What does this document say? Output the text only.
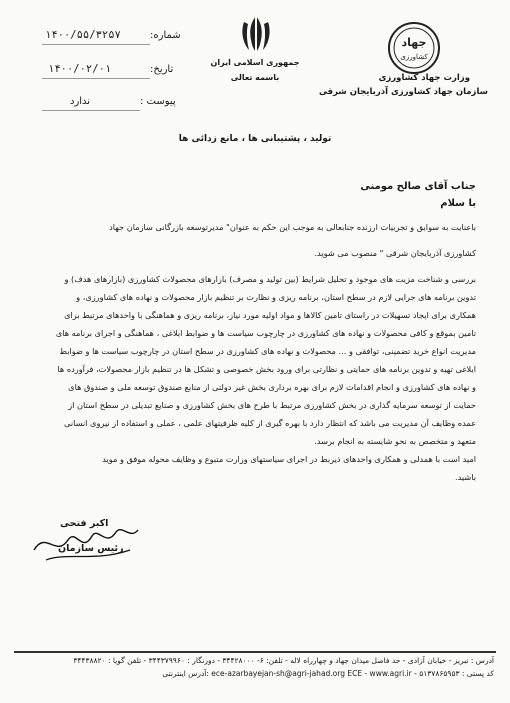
جهاد
کشاورزی
وزارت جهاد کشاورزی
سازمان جهاد کشاورزی آذربایجان شرقی
جمهوری اسلامی ایران
باسمه تعالی
شماره:
۱۴۰۰/۵۵/۳۲۵۷
تاریخ:
۱۴۰۰/۰۲/۰۱
پیوست :
ندارد
تولید ، پشتیبانی ها ، مانع زدائی ها
جناب آقای صالح مومنی
با سلام
باعنایت به سوابق و تجربیات ارزنده جنابعالی به موجب این حکم به عنوان" مدیرتوسعه بازرگانی سازمان جهاد
کشاورزی آذربایجان شرقی " منصوب می شوید.
بررسی و شناخت مزیت های موجود و تحلیل شرایط (بین تولید و مصرف) بازارهای محصولات کشاورزی (بازارهای هدف) و
تدوین برنامه های جرایی لازم در سطح استان، برنامه ریزی و نظارت بر تنظیم بازار محصولات و نهاده های کشاورزی، و
همکاری برای ایجاد تسهیلات در راستای تامین کالاها و مواد اولیه مورد نیاز، برنامه ریزی و هماهنگی با واحدهای مرتبط برای
تامین بموقع و کافی محصولات و نهاده های کشاورزی در چارچوب سیاست ها و ضوابط ابلاغی ، هماهنگی و اجرای برنامه های
مدیریت انواع خرید تضمینی، توافقی و ... محصولات و نهاده های کشاورزی در سطح استان در چارچوب سیاست ها و ضوابط
ابلاغی تهیه و تدوین برنامه های حمایتی و نظارتی برای ورود بخش خصوصی و تشکل ها در تنظیم بازار محصولات، فرآورده ها
و نهاده های کشاورزی و انجام اقدامات لازم برای بهره برداری بخش غیر دولتی از منابع صندوق توسعه ملی و صندوق های
حمایت از توسعه سرمایه گذاری در بخش کشاورزی مرتبط با طرح های بخش کشاورزی و صنایع تبدیلی در سطح استان از
عمده وظایف آن مدیریت می باشد که انتظار دارد با بهره گیری از کلیه ظرفیتهای علمی ، عملی و استفاده از نیروی انسانی
متعهد و متخصص به نحو شایسته به انجام برسد.
امید است با همدلی و همکاری واحدهای ذیربط در اجرای سیاستهای وزارت متبوع و وظایف محوله موفق و موید
باشید.
اکبر فتحی
رئیس سازمان
آدرس : تبریز - خیابان آزادی - حد فاصل میدان جهاد و چهارراه لاله - تلفن: ۶- ۳۴۴۲۸۰۰۰ - دورنگار : ۳۴۴۳۷۹۹۶۰ - تلفن گویا : ۳۴۴۳۸۸۲۰
کد پستی : ۵۱۳۷۸۶۵۹۵۳ - ece-azarbayejan-sh@agri-jahad.org ECE - www.agri.ir :آدرس اینترنتی
